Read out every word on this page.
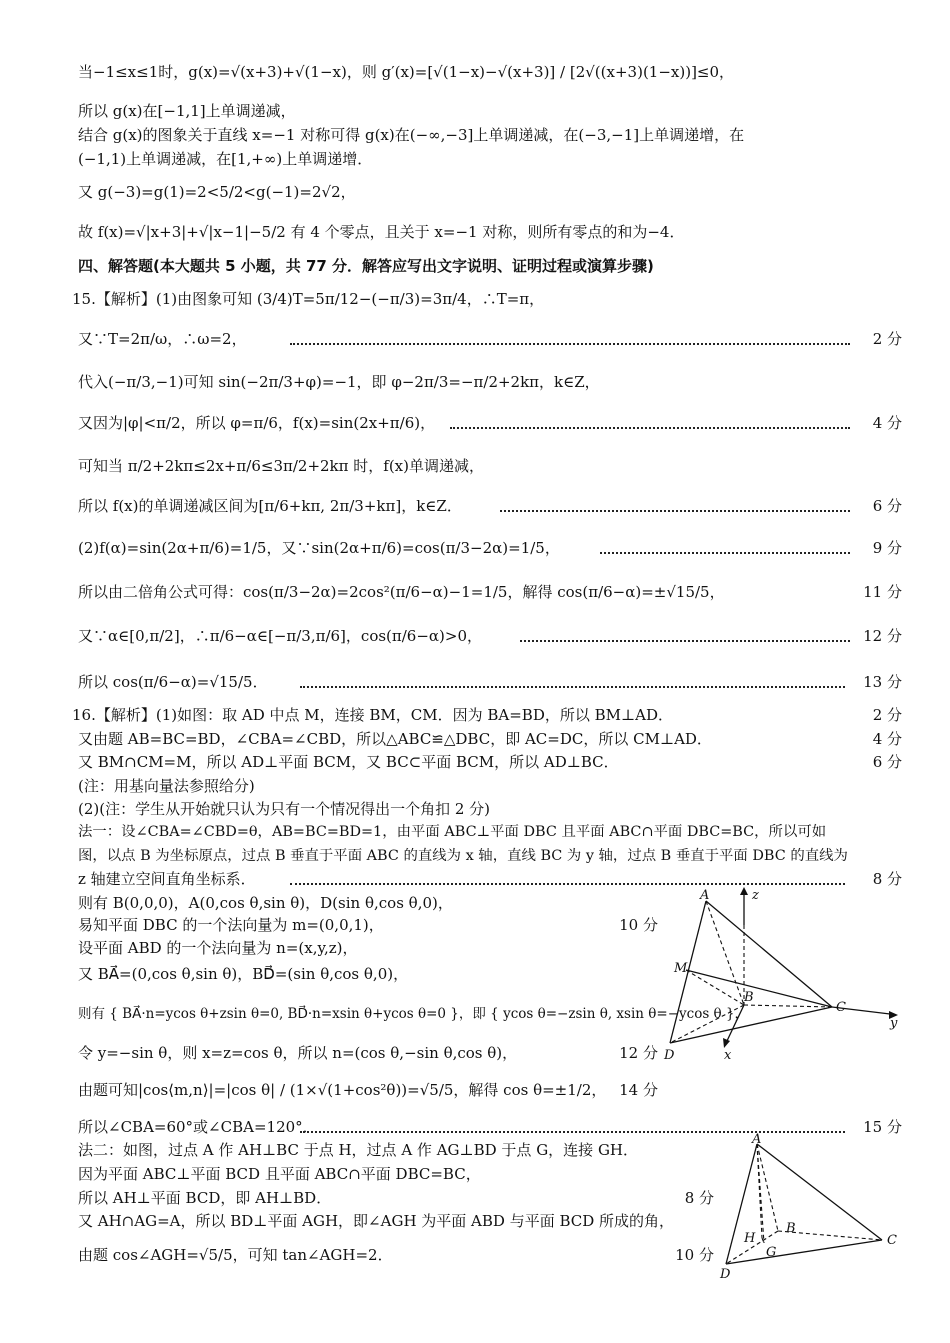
当−1≤x≤1时，g(x)=√(x+3)+√(1−x)，则 g′(x)=[√(1−x)−√(x+3)] / [2√((x+3)(1−x))]≤0，
所以 g(x)在[−1,1]上单调递减，
结合 g(x)的图象关于直线 x=−1 对称可得 g(x)在(−∞,−3]上单调递减，在(−3,−1]上单调递增，在
(−1,1)上单调递减，在[1,+∞)上单调递增．
又 g(−3)=g(1)=2<5/2<g(−1)=2√2，
故 f(x)=√|x+3|+√|x−1|−5/2 有 4 个零点，且关于 x=−1 对称，则所有零点的和为−4．
四、解答题(本大题共 5 小题，共 77 分．解答应写出文字说明、证明过程或演算步骤)
15.【解析】(1)由图象可知 (3/4)T=5π/12−(−π/3)=3π/4，∴T=π，
又∵T=2π/ω，∴ω=2，	2 分
代入(−π/3,−1)可知 sin(−2π/3+φ)=−1，即 φ−2π/3=−π/2+2kπ，k∈Z，
又因为|φ|<π/2，所以 φ=π/6，f(x)=sin(2x+π/6)，	4 分
可知当 π/2+2kπ≤2x+π/6≤3π/2+2kπ 时，f(x)单调递减，
所以 f(x)的单调递减区间为[π/6+kπ, 2π/3+kπ]，k∈Z．	6 分
(2)f(α)=sin(2α+π/6)=1/5，又∵sin(2α+π/6)=cos(π/3−2α)=1/5，	9 分
所以由二倍角公式可得：cos(π/3−2α)=2cos²(π/6−α)−1=1/5，解得 cos(π/6−α)=±√15/5，	11 分
又∵α∈[0,π/2]，∴π/6−α∈[−π/3,π/6]，cos(π/6−α)>0，	12 分
所以 cos(π/6−α)=√15/5．	13 分
16.【解析】(1)如图：取 AD 中点 M，连接 BM，CM．因为 BA=BD，所以 BM⊥AD．	2 分
又由题 AB=BC=BD，∠CBA=∠CBD，所以△ABC≌△DBC，即 AC=DC，所以 CM⊥AD．	4 分
又 BM∩CM=M，所以 AD⊥平面 BCM，又 BC⊂平面 BCM，所以 AD⊥BC．	6 分
(注：用基向量法参照给分)
(2)(注：学生从开始就只认为只有一个情况得出一个角扣 2 分)
法一：设∠CBA=∠CBD=θ，AB=BC=BD=1，由平面 ABC⊥平面 DBC 且平面 ABC∩平面 DBC=BC，所以可如
图，以点 B 为坐标原点，过点 B 垂直于平面 ABC 的直线为 x 轴，直线 BC 为 y 轴，过点 B 垂直于平面 DBC 的直线为
z 轴建立空间直角坐标系．	8 分
则有 B(0,0,0)，A(0,cos θ,sin θ)，D(sin θ,cos θ,0)，
易知平面 DBC 的一个法向量为 m=(0,0,1)，	10 分
设平面 ABD 的一个法向量为 n=(x,y,z)，
又 BA⃗=(0,cos θ,sin θ)，BD⃗=(sin θ,cos θ,0)，
则有 { BA⃗·n=ycos θ+zsin θ=0, BD⃗·n=xsin θ+ycos θ=0 }，即 { ycos θ=−zsin θ, xsin θ=−ycos θ }，
令 y=−sin θ，则 x=z=cos θ，所以 n=(cos θ,−sin θ,cos θ)，	12 分
由题可知|cos⟨m,n⟩|=|cos θ| / (1×√(1+cos²θ))=√5/5，解得 cos θ=±1/2， 14 分
所以∠CBA=60°或∠CBA=120°．	15 分
法二：如图，过点 A 作 AH⊥BC 于点 H，过点 A 作 AG⊥BD 于点 G，连接 GH．
因为平面 ABC⊥平面 BCD 且平面 ABC∩平面 DBC=BC，
所以 AH⊥平面 BCD，即 AH⊥BD．	8 分
又 AH∩AG=A，所以 BD⊥平面 AGH，即∠AGH 为平面 ABD 与平面 BCD 所成的角，
由题 cos∠AGH=√5/5，可知 tan∠AGH=2．	10 分
A
M
B
C
D	x
y
z
A
B
C
D
G
H
